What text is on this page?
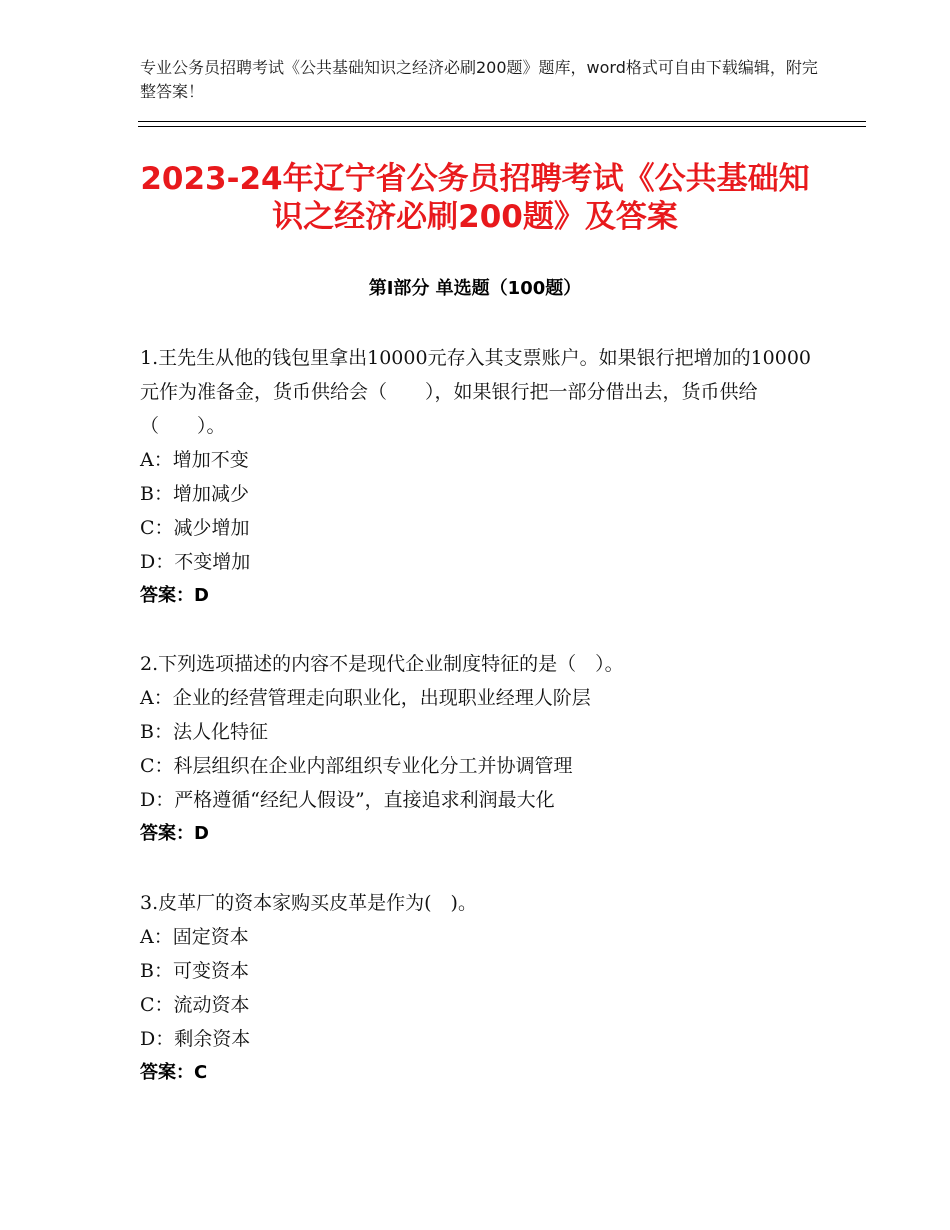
专业公务员招聘考试《公共基础知识之经济必刷200题》题库，word格式可自由下载编辑，附完整答案！
2023-24年辽宁省公务员招聘考试《公共基础知识之经济必刷200题》及答案
第Ⅰ部分 单选题（100题）

1.王先生从他的钱包里拿出10000元存入其支票账户。如果银行把增加的10000元作为准备金，货币供给会（　　），如果银行把一部分借出去，货币供给（　　）。

A：增加不变

B：增加减少

C：减少增加

D：不变增加

答案：D

2.下列选项描述的内容不是现代企业制度特征的是（　）。

A：企业的经营管理走向职业化，出现职业经理人阶层

B：法人化特征

C：科层组织在企业内部组织专业化分工并协调管理

D：严格遵循“经纪人假设”，直接追求利润最大化

答案：D

3.皮革厂的资本家购买皮革是作为(　)。

A：固定资本

B：可变资本

C：流动资本

D：剩余资本

答案：C
